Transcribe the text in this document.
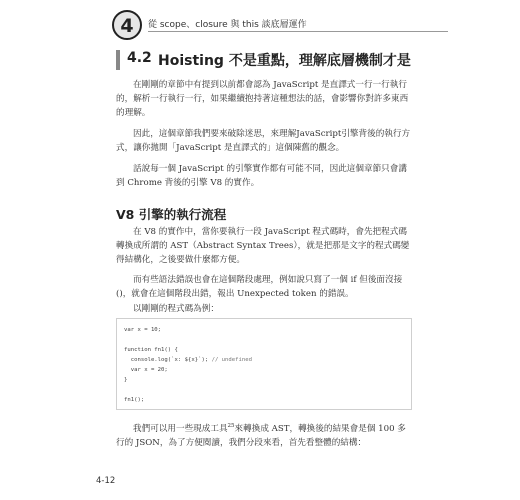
4	從 scope、closure 與 this 談底層運作
4.2 Hoisting 不是重點，理解底層機制才是

在剛剛的章節中有提到以前都會認為 JavaScript 是直譯式一行一行執行的，解析一行執行一行，如果繼續抱持著這種想法的話，會影響你對許多東西的理解。

因此，這個章節我們要來破除迷思，來理解JavaScript引擎背後的執行方式，讓你拋開「JavaScript 是直譯式的」這個陳舊的觀念。

話說每一個 JavaScript 的引擎實作都有可能不同，因此這個章節只會講到 Chrome 背後的引擎 V8 的實作。

V8 引擎的執行流程

在 V8 的實作中，當你要執行一段 JavaScript 程式碼時，會先把程式碼轉換成所謂的 AST（Abstract Syntax Trees），就是把那是文字的程式碼變得結構化，之後要做什麼都方便。

而有些語法錯誤也會在這個階段處理，例如說只寫了一個 if 但後面沒接 ()，就會在這個階段出錯，報出 Unexpected token 的錯誤。

以剛剛的程式碼為例：

var x = 10;
function fn1() {
console.log(`x: ${x}`); // undefined
var x = 20;
}
fn1();

我們可以用一些現成工具$^{25}$來轉換成 AST，轉換後的結果會是個 100 多行的 JSON，為了方便閱讀，我們分段來看，首先看整體的結構：

4-12
